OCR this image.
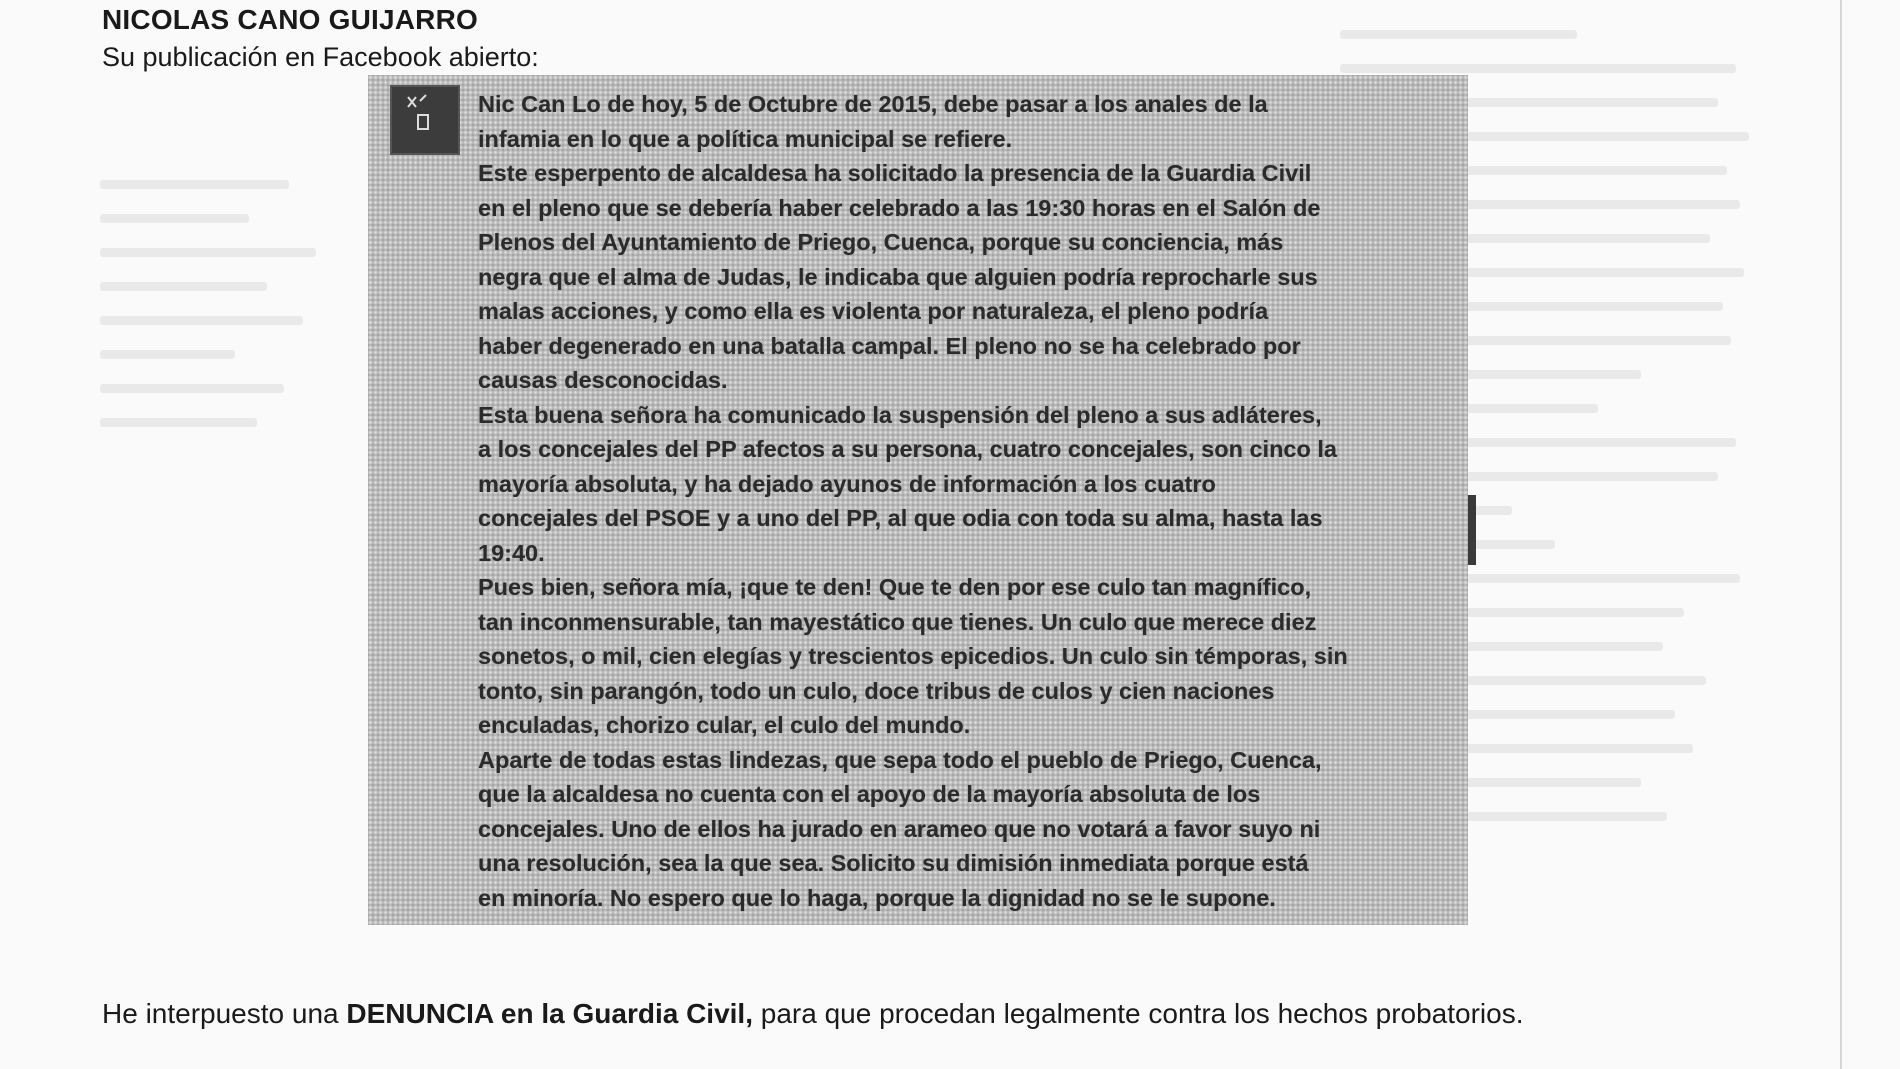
NICOLAS CANO GUIJARRO
Su publicación en Facebook abierto:

Nic Can Lo de hoy, 5 de Octubre de 2015, debe pasar a los anales de la
infamia en lo que a política municipal se refiere.

Este esperpento de alcaldesa ha solicitado la presencia de la Guardia Civil
en el pleno que se debería haber celebrado a las 19:30 horas en el Salón de
Plenos del Ayuntamiento de Priego, Cuenca, porque su conciencia, más
negra que el alma de Judas, le indicaba que alguien podría reprocharle sus
malas acciones, y como ella es violenta por naturaleza, el pleno podría
haber degenerado en una batalla campal. El pleno no se ha celebrado por
causas desconocidas.

Esta buena señora ha comunicado la suspensión del pleno a sus adláteres,
a los concejales del PP afectos a su persona, cuatro concejales, son cinco la
mayoría absoluta, y ha dejado ayunos de información a los cuatro
concejales del PSOE y a uno del PP, al que odia con toda su alma, hasta las
19:40.

Pues bien, señora mía, ¡que te den! Que te den por ese culo tan magnífico,
tan inconmensurable, tan mayestático que tienes. Un culo que merece diez
sonetos, o mil, cien elegías y trescientos epicedios. Un culo sin témporas, sin
tonto, sin parangón, todo un culo, doce tribus de culos y cien naciones
enculadas, chorizo cular, el culo del mundo.

Aparte de todas estas lindezas, que sepa todo el pueblo de Priego, Cuenca,
que la alcaldesa no cuenta con el apoyo de la mayoría absoluta de los
concejales. Uno de ellos ha jurado en arameo que no votará a favor suyo ni
una resolución, sea la que sea. Solicito su dimisión inmediata porque está
en minoría. No espero que lo haga, porque la dignidad no se le supone.

He interpuesto una DENUNCIA en la Guardia Civil, para que procedan legalmente contra los hechos probatorios.
